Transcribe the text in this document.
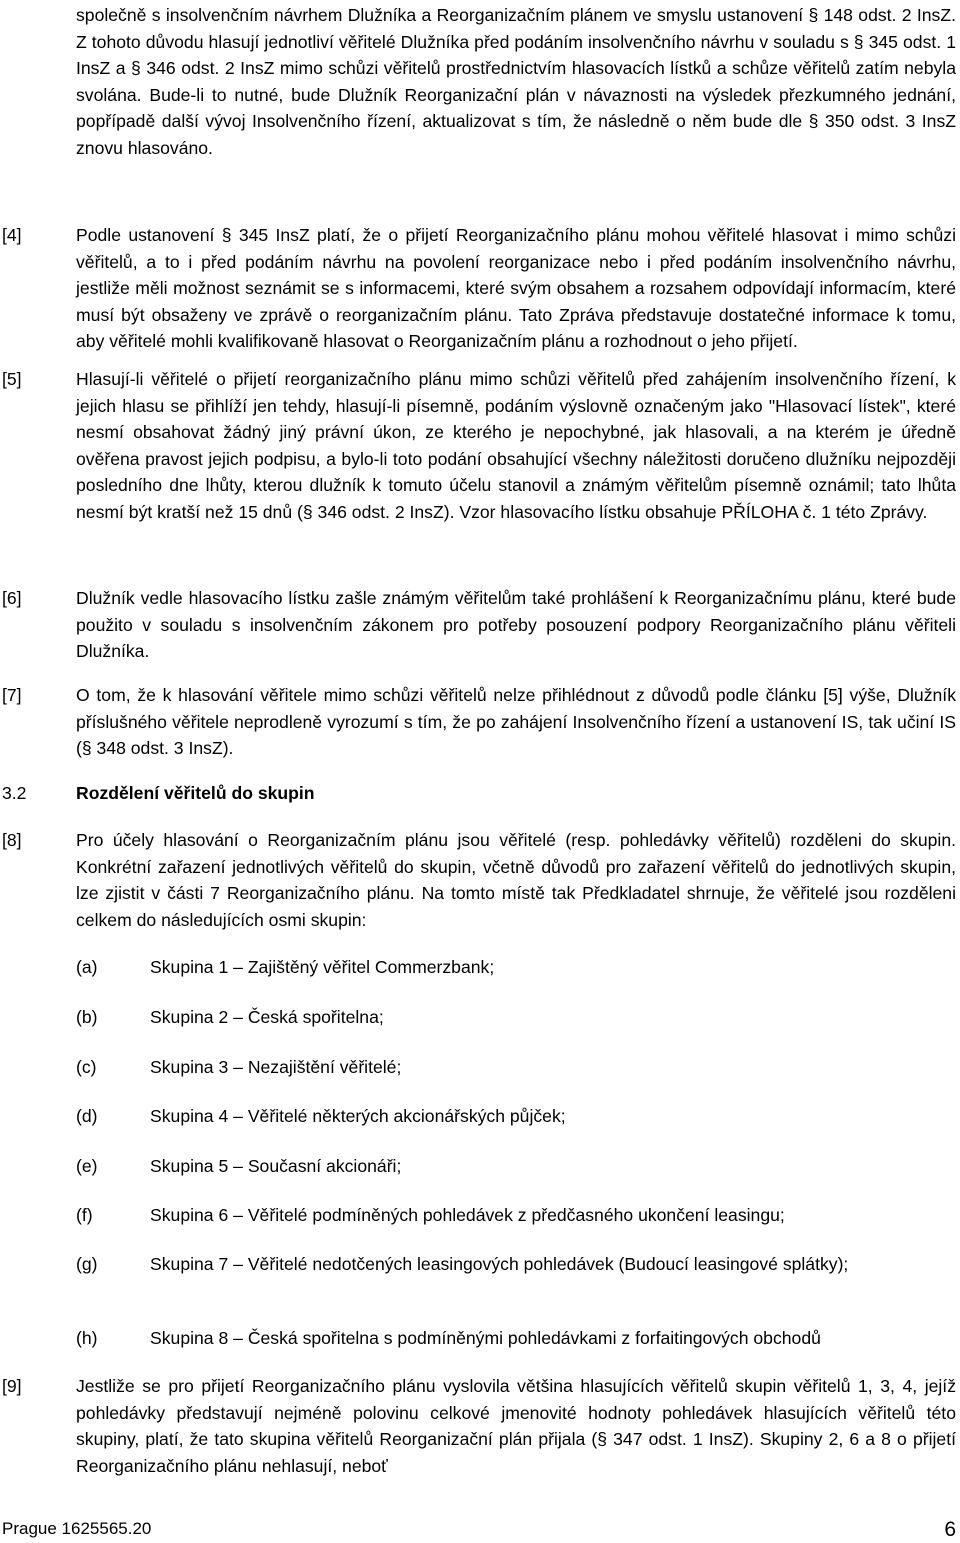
společně s insolvenčním návrhem Dlužníka a Reorganizačním plánem ve smyslu ustanovení § 148 odst. 2 InsZ. Z tohoto důvodu hlasují jednotliví věřitelé Dlužníka před podáním insolvenčního návrhu v souladu s § 345 odst. 1 InsZ a § 346 odst. 2 InsZ mimo schůzi věřitelů prostřednictvím hlasovacích lístků a schůze věřitelů zatím nebyla svolána. Bude-li to nutné, bude Dlužník Reorganizační plán v návaznosti na výsledek přezkumného jednání, popřípadě další vývoj Insolvenčního řízení, aktualizovat s tím, že následně o něm bude dle § 350 odst. 3 InsZ znovu hlasováno.
[4]	Podle ustanovení § 345 InsZ platí, že o přijetí Reorganizačního plánu mohou věřitelé hlasovat i mimo schůzi věřitelů, a to i před podáním návrhu na povolení reorganizace nebo i před podáním insolvenčního návrhu, jestliže měli možnost seznámit se s informacemi, které svým obsahem a rozsahem odpovídají informacím, které musí být obsaženy ve zprávě o reorganizačním plánu. Tato Zpráva představuje dostatečné informace k tomu, aby věřitelé mohli kvalifikovaně hlasovat o Reorganizačním plánu a rozhodnout o jeho přijetí.
[5]	Hlasují-li věřitelé o přijetí reorganizačního plánu mimo schůzi věřitelů před zahájením insolvenčního řízení, k jejich hlasu se přihlíží jen tehdy, hlasují-li písemně, podáním výslovně označeným jako "Hlasovací lístek", které nesmí obsahovat žádný jiný právní úkon, ze kterého je nepochybné, jak hlasovali, a na kterém je úředně ověřena pravost jejich podpisu, a bylo-li toto podání obsahující všechny náležitosti doručeno dlužníku nejpozději posledního dne lhůty, kterou dlužník k tomuto účelu stanovil a známým věřitelům písemně oznámil; tato lhůta nesmí být kratší než 15 dnů (§ 346 odst. 2 InsZ). Vzor hlasovacího lístku obsahuje PŘÍLOHA č. 1 této Zprávy.
[6]	Dlužník vedle hlasovacího lístku zašle známým věřitelům také prohlášení k Reorganizačnímu plánu, které bude použito v souladu s insolvenčním zákonem pro potřeby posouzení podpory Reorganizačního plánu věřiteli Dlužníka.
[7]	O tom, že k hlasování věřitele mimo schůzi věřitelů nelze přihlédnout z důvodů podle článku [5] výše, Dlužník příslušného věřitele neprodleně vyrozumí s tím, že po zahájení Insolvenčního řízení a ustanovení IS, tak učiní IS (§ 348 odst. 3 InsZ).
3.2	Rozdělení věřitelů do skupin
[8]	Pro účely hlasování o Reorganizačním plánu jsou věřitelé (resp. pohledávky věřitelů) rozděleni do skupin. Konkrétní zařazení jednotlivých věřitelů do skupin, včetně důvodů pro zařazení věřitelů do jednotlivých skupin, lze zjistit v části 7 Reorganizačního plánu. Na tomto místě tak Předkladatel shrnuje, že věřitelé jsou rozděleni celkem do následujících osmi skupin:
(a)	Skupina 1 – Zajištěný věřitel Commerzbank;
(b)	Skupina 2 – Česká spořitelna;
(c)	Skupina 3 – Nezajištění věřitelé;
(d)	Skupina 4 – Věřitelé některých akcionářských půjček;
(e)	Skupina 5 – Současní akcionáři;
(f)	Skupina 6 – Věřitelé podmíněných pohledávek z předčasného ukončení leasingu;
(g)	Skupina 7 – Věřitelé nedotčených leasingových pohledávek (Budoucí leasingové splátky);
(h)	Skupina 8 – Česká spořitelna s podmíněnými pohledávkami z forfaitingových obchodů
[9]	Jestliže se pro přijetí Reorganizačního plánu vyslovila většina hlasujících věřitelů skupin věřitelů 1, 3, 4, jejíž pohledávky představují nejméně polovinu celkové jmenovité hodnoty pohledávek hlasujících věřitelů této skupiny, platí, že tato skupina věřitelů Reorganizační plán přijala (§ 347 odst. 1 InsZ). Skupiny 2, 6 a 8 o přijetí Reorganizačního plánu nehlasují, neboť
Prague 1625565.20	6
